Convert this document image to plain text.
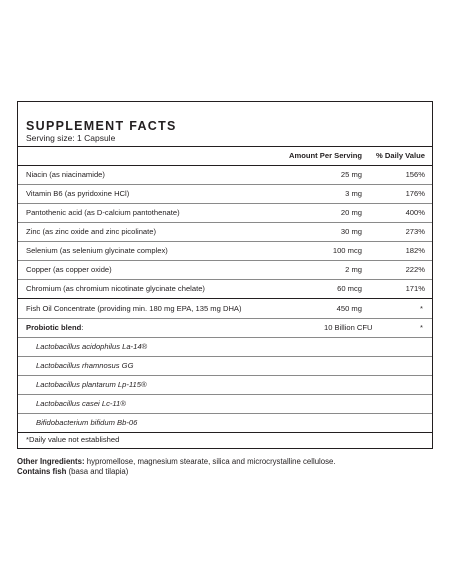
SUPPLEMENT FACTS
Serving size: 1 Capsule
Amount Per Serving % Daily Value
Niacin (as niacinamide)	25 mg	156%
Vitamin B6 (as pyridoxine HCl)	3 mg	176%
Pantothenic acid (as D-calcium pantothenate)	20 mg	400%
Zinc (as zinc oxide and zinc picolinate)	30 mg	273%
Selenium (as selenium glycinate complex)	100 mcg	182%
Copper (as copper oxide)	2 mg	222%
Chromium (as chromium nicotinate glycinate chelate)	60 mcg	171%
Fish Oil Concentrate (providing min. 180 mg EPA, 135 mg DHA)	450 mg	*
Probiotic blend:	10 Billion CFU	*
Lactobacillus acidophilus La-14®
Lactobacillus rhamnosus GG
Lactobacillus plantarum Lp-115®
Lactobacillus casei Lc-11®
Bifidobacterium bifidum Bb-06
*Daily value not established
Other Ingredients: hypromellose, magnesium stearate, silica and microcrystalline cellulose.
Contains fish (basa and tilapia)
